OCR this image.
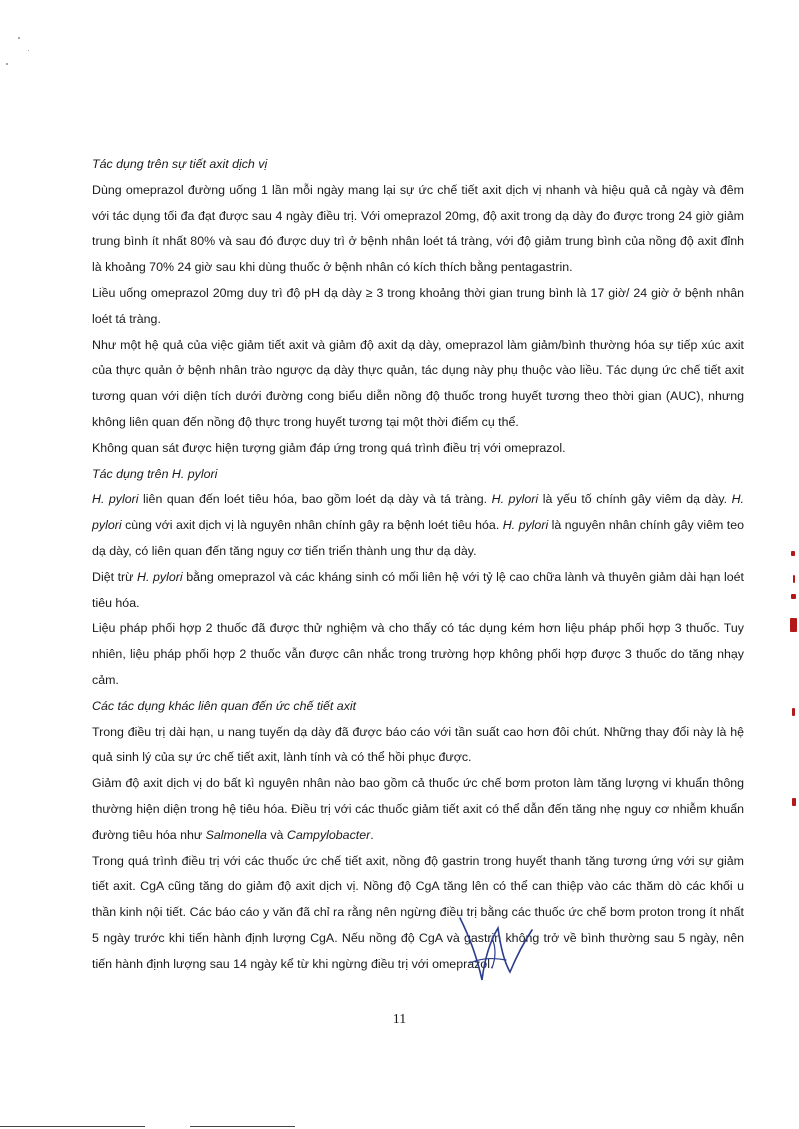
Tác dụng trên sự tiết axit dịch vị

Dùng omeprazol đường uống 1 lần mỗi ngày mang lại sự ức chế tiết axit dịch vị nhanh và hiệu quả cả ngày và đêm với tác dụng tối đa đạt được sau 4 ngày điều trị. Với omeprazol 20mg, độ axit trong dạ dày đo được trong 24 giờ giảm trung bình ít nhất 80% và sau đó được duy trì ở bệnh nhân loét tá tràng, với độ giảm trung bình của nồng độ axit đỉnh là khoảng 70% 24 giờ sau khi dùng thuốc ở bệnh nhân có kích thích bằng pentagastrin.

Liều uống omeprazol 20mg duy trì độ pH dạ dày ≥ 3 trong khoảng thời gian trung bình là 17 giờ/ 24 giờ ở bệnh nhân loét tá tràng.

Như một hệ quả của việc giảm tiết axit và giảm độ axit dạ dày, omeprazol làm giảm/bình thường hóa sự tiếp xúc axit của thực quản ở bệnh nhân trào ngược dạ dày thực quản, tác dụng này phụ thuộc vào liều. Tác dụng ức chế tiết axit tương quan với diện tích dưới đường cong biểu diễn nồng độ thuốc trong huyết tương theo thời gian (AUC), nhưng không liên quan đến nồng độ thực trong huyết tương tại một thời điểm cụ thể.

Không quan sát được hiện tượng giảm đáp ứng trong quá trình điều trị với omeprazol.

Tác dụng trên H. pylori

H. pylori liên quan đến loét tiêu hóa, bao gồm loét dạ dày và tá tràng. H. pylori là yếu tố chính gây viêm dạ dày. H. pylori cùng với axit dịch vị là nguyên nhân chính gây ra bệnh loét tiêu hóa. H. pylori là nguyên nhân chính gây viêm teo dạ dày, có liên quan đến tăng nguy cơ tiến triển thành ung thư dạ dày.

Diệt trừ H. pylori bằng omeprazol và các kháng sinh có mối liên hệ với tỷ lệ cao chữa lành và thuyên giảm dài hạn loét tiêu hóa.

Liệu pháp phối hợp 2 thuốc đã được thử nghiệm và cho thấy có tác dụng kém hơn liệu pháp phối hợp 3 thuốc. Tuy nhiên, liệu pháp phối hợp 2 thuốc vẫn được cân nhắc trong trường hợp không phối hợp được 3 thuốc do tăng nhạy cảm.

Các tác dụng khác liên quan đến ức chế tiết axit

Trong điều trị dài hạn, u nang tuyến dạ dày đã được báo cáo với tần suất cao hơn đôi chút. Những thay đổi này là hệ quả sinh lý của sự ức chế tiết axit, lành tính và có thể hồi phục được.

Giảm độ axit dịch vị do bất kì nguyên nhân nào bao gồm cả thuốc ức chế bơm proton làm tăng lượng vi khuẩn thông thường hiện diện trong hệ tiêu hóa. Điều trị với các thuốc giảm tiết axit có thể dẫn đến tăng nhẹ nguy cơ nhiễm khuẩn đường tiêu hóa như Salmonella và Campylobacter.

Trong quá trình điều trị với các thuốc ức chế tiết axit, nồng độ gastrin trong huyết thanh tăng tương ứng với sự giảm tiết axit. CgA cũng tăng do giảm độ axit dịch vị. Nồng độ CgA tăng lên có thể can thiệp vào các thăm dò các khối u thần kinh nội tiết. Các báo cáo y văn đã chỉ ra rằng nên ngừng điều trị bằng các thuốc ức chế bơm proton trong ít nhất 5 ngày trước khi tiến hành định lượng CgA. Nếu nồng độ CgA và gastrin không trở về bình thường sau 5 ngày, nên tiến hành định lượng sau 14 ngày kể từ khi ngừng điều trị với omeprazol.

11
